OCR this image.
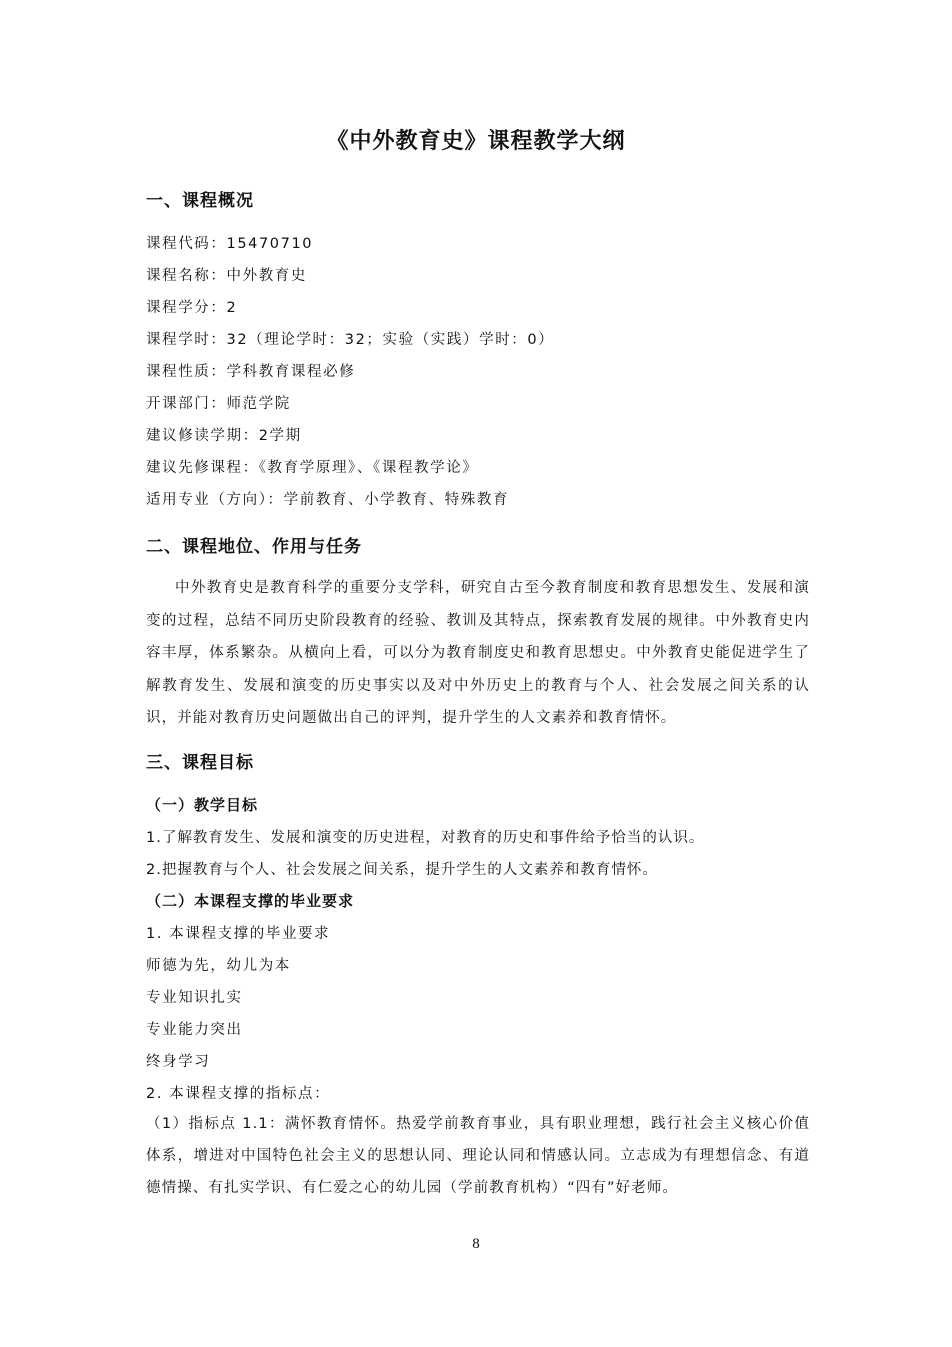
《中外教育史》课程教学大纲
一、课程概况
课程代码：15470710
课程名称：中外教育史
课程学分：2
课程学时：32（理论学时：32；实验（实践）学时：0）
课程性质：学科教育课程必修
开课部门：师范学院
建议修读学期：2学期
建议先修课程：《教育学原理》、《课程教学论》
适用专业（方向）：学前教育、小学教育、特殊教育
二、课程地位、作用与任务
中外教育史是教育科学的重要分支学科，研究自古至今教育制度和教育思想发生、发展和演变的过程，总结不同历史阶段教育的经验、教训及其特点，探索教育发展的规律。中外教育史内容丰厚，体系繁杂。从横向上看，可以分为教育制度史和教育思想史。中外教育史能促进学生了解教育发生、发展和演变的历史事实以及对中外历史上的教育与个人、社会发展之间关系的认识，并能对教育历史问题做出自己的评判，提升学生的人文素养和教育情怀。
三、课程目标
（一）教学目标
1.了解教育发生、发展和演变的历史进程，对教育的历史和事件给予恰当的认识。
2.把握教育与个人、社会发展之间关系，提升学生的人文素养和教育情怀。
（二）本课程支撑的毕业要求
1. 本课程支撑的毕业要求
师德为先，幼儿为本
专业知识扎实
专业能力突出
终身学习
2. 本课程支撑的指标点：
（1）指标点 1.1：满怀教育情怀。热爱学前教育事业，具有职业理想，践行社会主义核心价值体系，增进对中国特色社会主义的思想认同、理论认同和情感认同。立志成为有理想信念、有道德情操、有扎实学识、有仁爱之心的幼儿园（学前教育机构）“四有”好老师。
8
